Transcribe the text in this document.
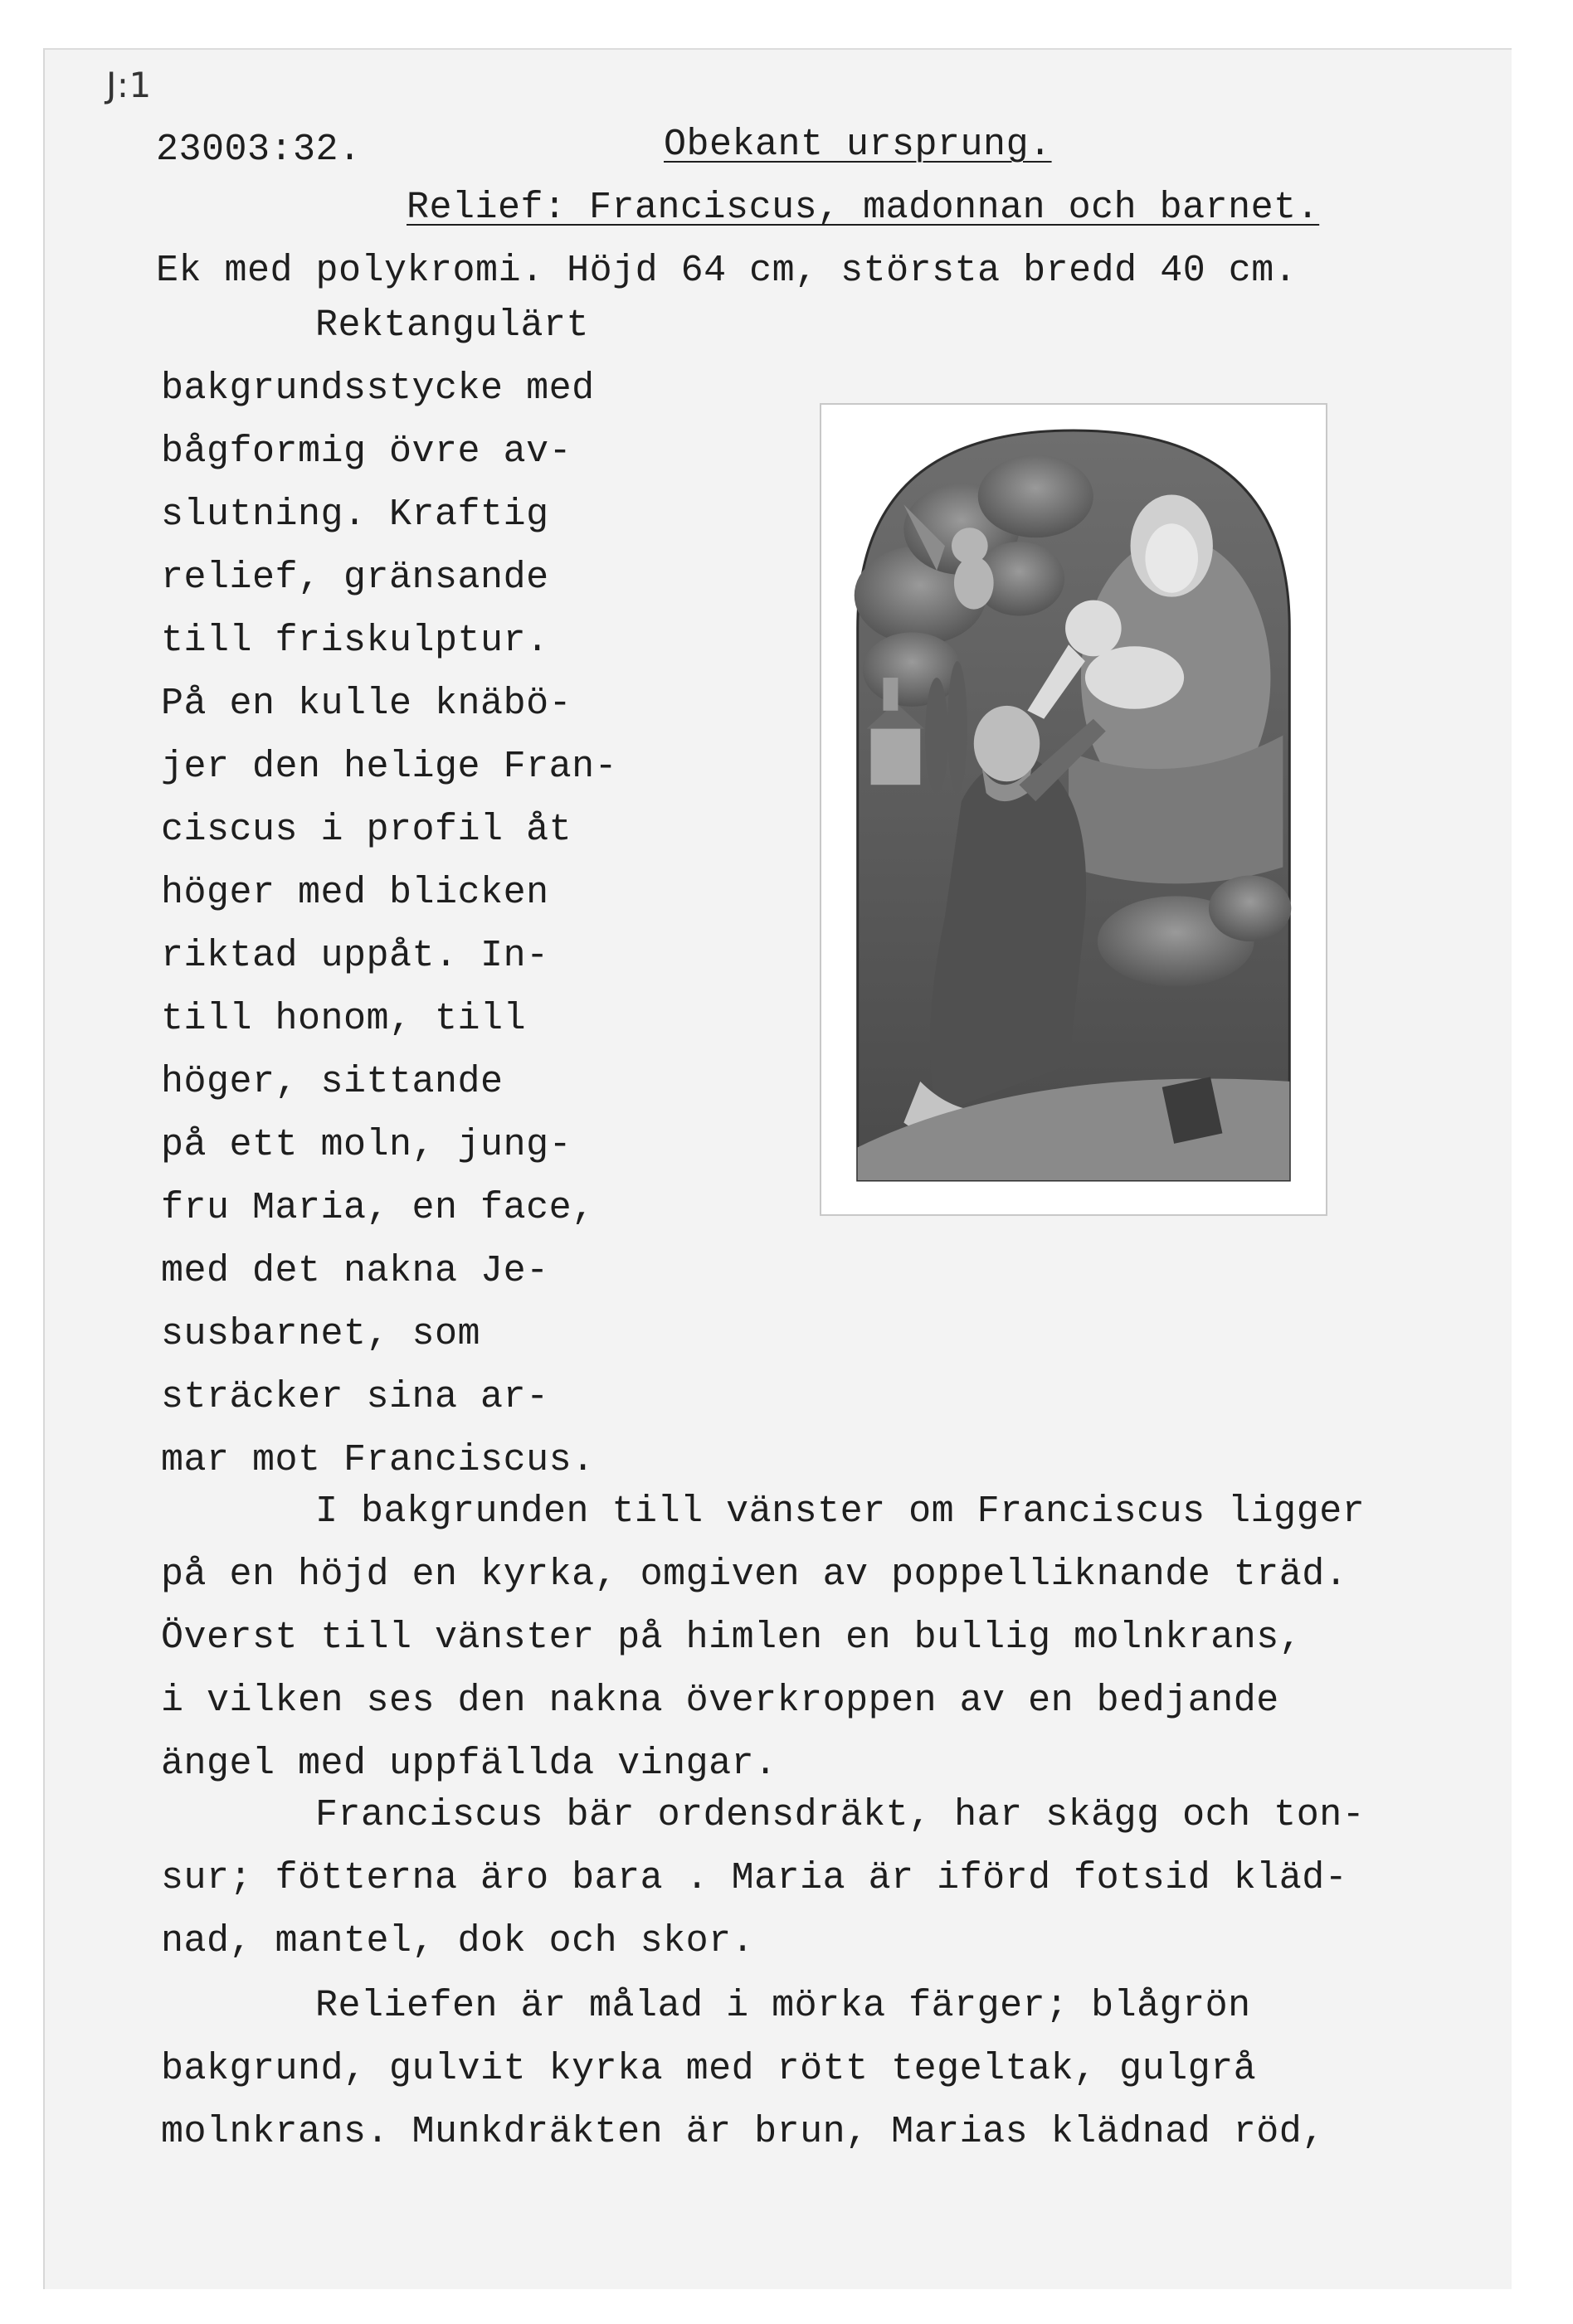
J:1
23003:32.	Obekant ursprung.
Relief: Franciscus, madonnan och barnet.
Ek med polykromi. Höjd 64 cm, största bredd 40 cm.
Rektangulärt
bakgrundsstycke med
bågformig övre av-
slutning. Kraftig
relief, gränsande
till friskulptur.
På en kulle knäbö-
jer den helige Fran-
ciscus i profil åt
höger med blicken
riktad uppåt. In-
till honom, till
höger, sittande
på ett moln, jung-
fru Maria, en face,
med det nakna Je-
susbarnet, som
sträcker sina ar-
mar mot Franciscus.
I bakgrunden till vänster om Franciscus ligger
på en höjd en kyrka, omgiven av poppelliknande träd.
Överst till vänster på himlen en bullig molnkrans,
i vilken ses den nakna överkroppen av en bedjande
ängel med uppfällda vingar.
Franciscus bär ordensdräkt, har skägg och ton-
sur; fötterna äro bara . Maria är iförd fotsid kläd-
nad, mantel, dok och skor.
Reliefen är målad i mörka färger; blågrön
bakgrund, gulvit kyrka med rött tegeltak, gulgrå
molnkrans. Munkdräkten är brun, Marias klädnad röd,
